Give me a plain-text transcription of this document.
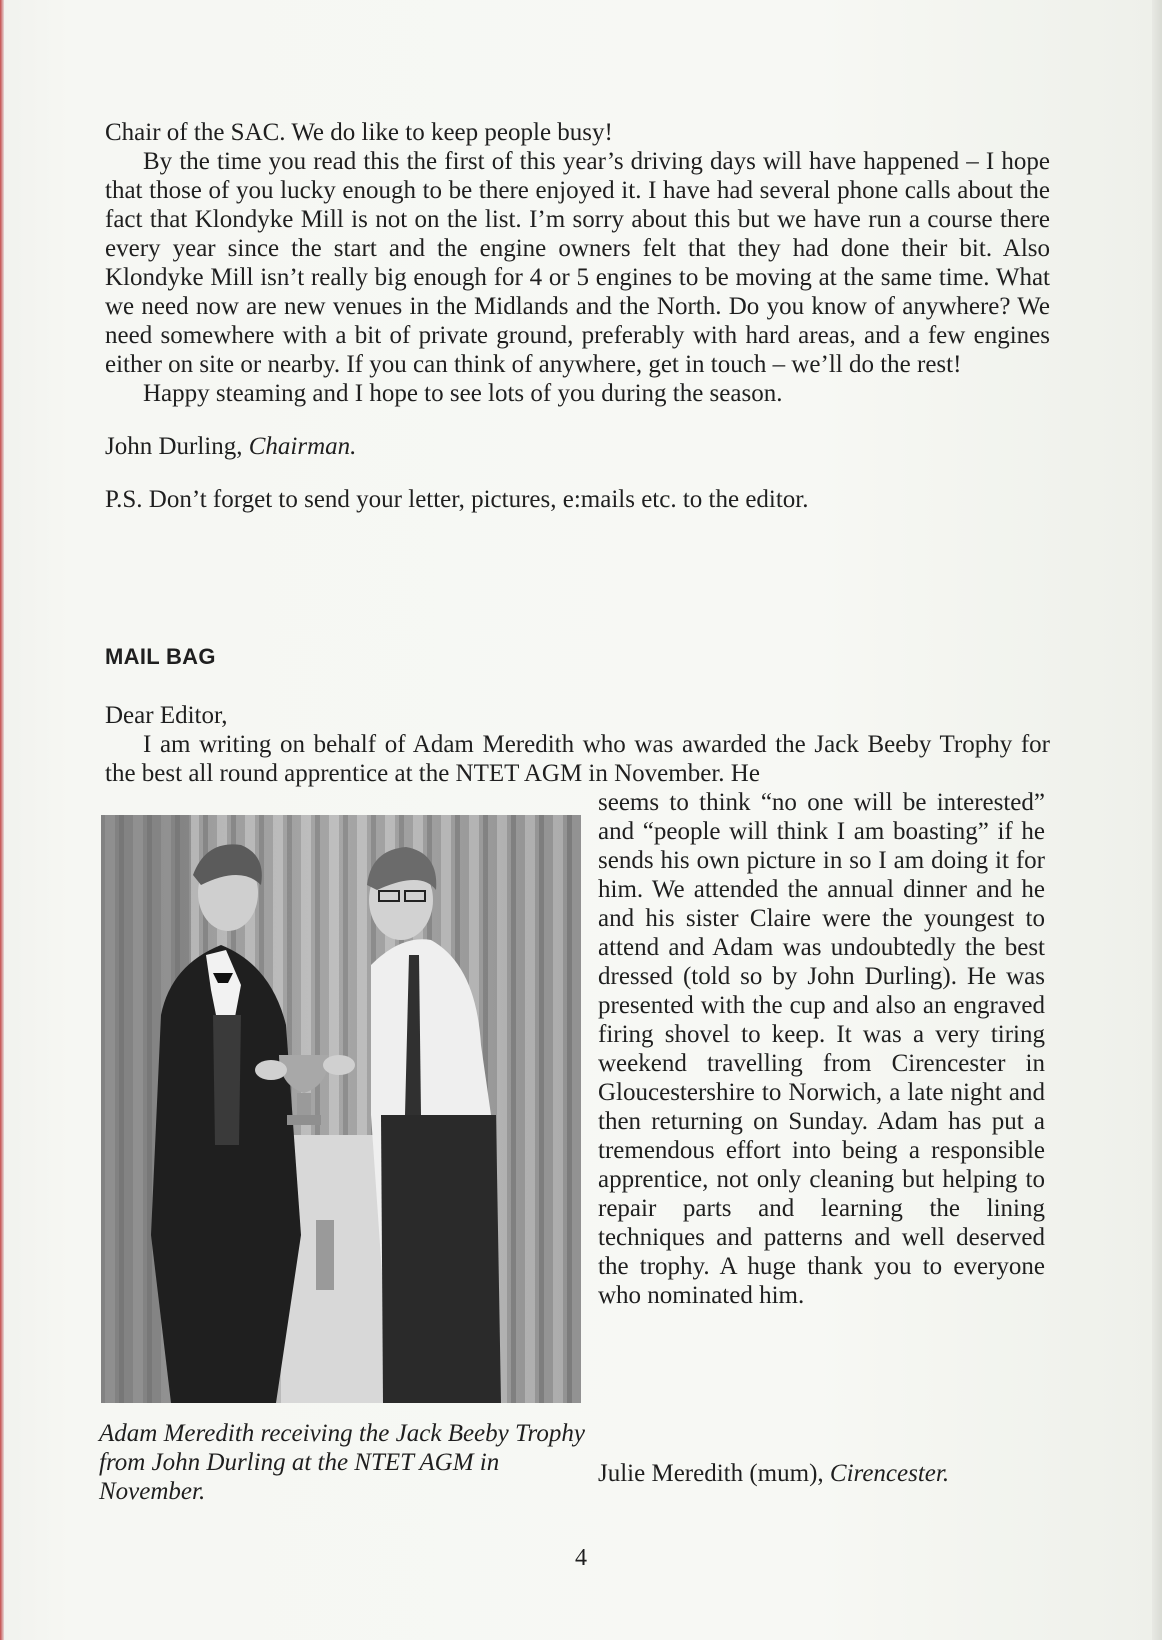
Chair of the SAC. We do like to keep people busy!

By the time you read this the first of this year’s driving days will have happened – I hope that those of you lucky enough to be there enjoyed it. I have had several phone calls about the fact that Klondyke Mill is not on the list. I’m sorry about this but we have run a course there every year since the start and the engine owners felt that they had done their bit. Also Klondyke Mill isn’t really big enough for 4 or 5 engines to be moving at the same time. What we need now are new venues in the Midlands and the North. Do you know of anywhere? We need somewhere with a bit of private ground, preferably with hard areas, and a few engines either on site or nearby. If you can think of anywhere, get in touch – we’ll do the rest!

Happy steaming and I hope to see lots of you during the season.

John Durling, Chairman.

P.S. Don’t forget to send your letter, pictures, e:mails etc. to the editor.

MAIL BAG

Dear Editor,

I am writing on behalf of Adam Meredith who was awarded the Jack Beeby Trophy for the best all round apprentice at the NTET AGM in November. He

Adam Meredith receiving the Jack Beeby Trophy from John Durling at the NTET AGM in November.

seems to think “no one will be interested” and “people will think I am boasting” if he sends his own picture in so I am doing it for him. We attended the annual dinner and he and his sister Claire were the youngest to attend and Adam was undoubtedly the best dressed (told so by John Durling). He was presented with the cup and also an engraved firing shovel to keep. It was a very tiring weekend travelling from Cirencester in Gloucestershire to Norwich, a late night and then returning on Sunday. Adam has put a tremendous effort into being a responsible apprentice, not only cleaning but helping to repair parts and learning the lining techniques and patterns and well deserved the trophy. A huge thank you to everyone who nominated him.

Julie Meredith (mum), Cirencester.
4
